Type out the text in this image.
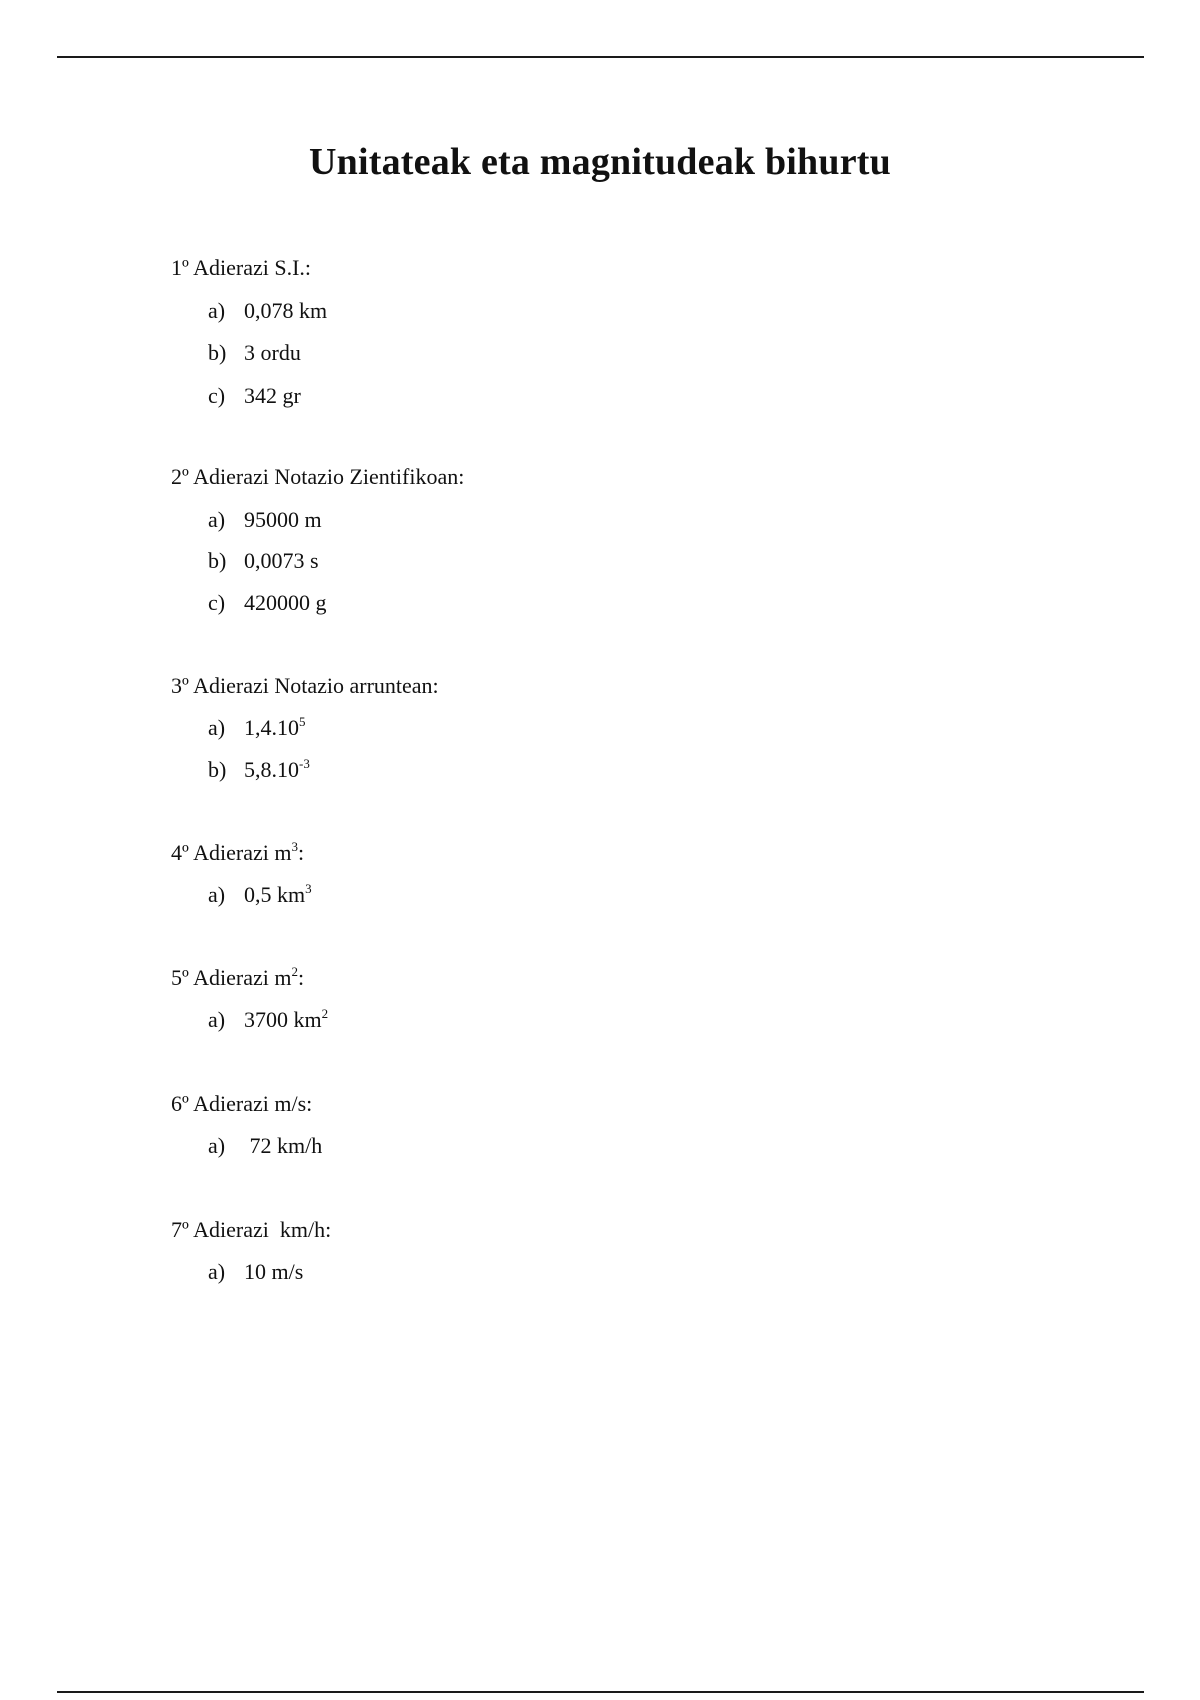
Unitateak eta magnitudeak bihurtu
1º Adierazi S.I.:
a) 0,078 km
b) 3 ordu
c) 342 gr
2º Adierazi Notazio Zientifikoan:
a) 95000 m
b) 0,0073 s
c) 420000 g
3º Adierazi Notazio arruntean:
a) 1,4.10$^5$
b) $5,8.10^{-3}$
4º Adierazi $m^3$:
a) 0,5 $km^3$
5º Adierazi $m^2$:
a) 3700 $km^2$
6º Adierazi m/s:
a) 72 km/h
7º Adierazi  km/h:
a) 10 m/s
